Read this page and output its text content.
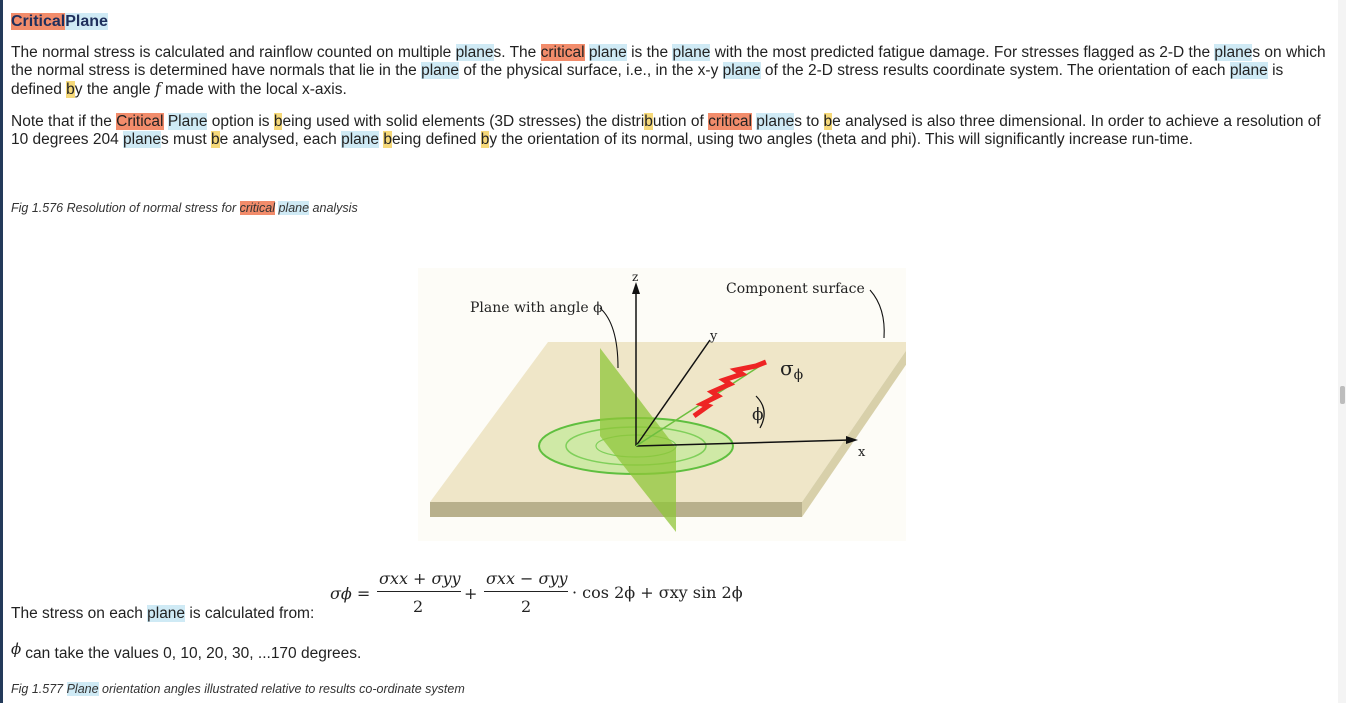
CriticalPlane
The normal stress is calculated and rainflow counted on multiple planes. The critical plane is the plane with the most predicted fatigue damage. For stresses flagged as 2-D the planes on which the normal stress is determined have normals that lie in the plane of the physical surface, i.e., in the x-y plane of the 2-D stress results coordinate system. The orientation of each plane is defined by the angle f made with the local x-axis.
Note that if the Critical Plane option is being used with solid elements (3D stresses) the distribution of critical planes to be analysed is also three dimensional. In order to achieve a resolution of 10 degrees 204 planes must be analysed, each plane being defined by the orientation of its normal, using two angles (theta and phi). This will significantly increase run-time.
Fig 1.576 Resolution of normal stress for critical plane analysis
The stress on each plane is calculated from:
ϕ can take the values 0, 10, 20, 30, ...170 degrees.
Fig 1.577 Plane orientation angles illustrated relative to results co-ordinate system
Plane with angle ϕ
Component surface
z
y
x
$\sigma_\phi$
ϕ
σϕ =
σxx + σyy
2
+
σxx − σyy
2
· cos 2ϕ + σxy sin 2ϕ
